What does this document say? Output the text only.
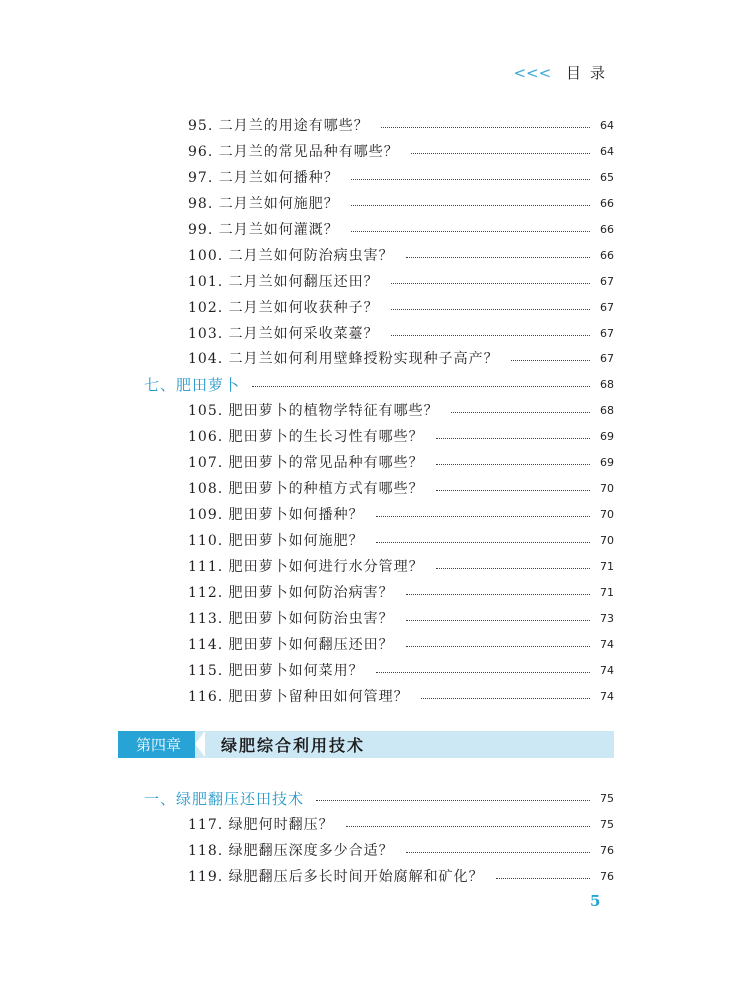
<<< 目录
95. 二月兰的用途有哪些？	64
96. 二月兰的常见品种有哪些？	64
97. 二月兰如何播种？	65
98. 二月兰如何施肥？	66
99. 二月兰如何灌溉？	66
100. 二月兰如何防治病虫害？	66
101. 二月兰如何翻压还田？	67
102. 二月兰如何收获种子？	67
103. 二月兰如何采收菜薹？	67
104. 二月兰如何利用壁蜂授粉实现种子高产？	67
七、肥田萝卜	68
105. 肥田萝卜的植物学特征有哪些？	68
106. 肥田萝卜的生长习性有哪些？	69
107. 肥田萝卜的常见品种有哪些？	69
108. 肥田萝卜的种植方式有哪些？	70
109. 肥田萝卜如何播种？	70
110. 肥田萝卜如何施肥？	70
111. 肥田萝卜如何进行水分管理？	71
112. 肥田萝卜如何防治病害？	71
113. 肥田萝卜如何防治虫害？	73
114. 肥田萝卜如何翻压还田？	74
115. 肥田萝卜如何菜用？	74
116. 肥田萝卜留种田如何管理？	74
第四章	绿肥综合利用技术
一、绿肥翻压还田技术	75
117. 绿肥何时翻压？	75
118. 绿肥翻压深度多少合适？	76
119. 绿肥翻压后多长时间开始腐解和矿化？	76
5
